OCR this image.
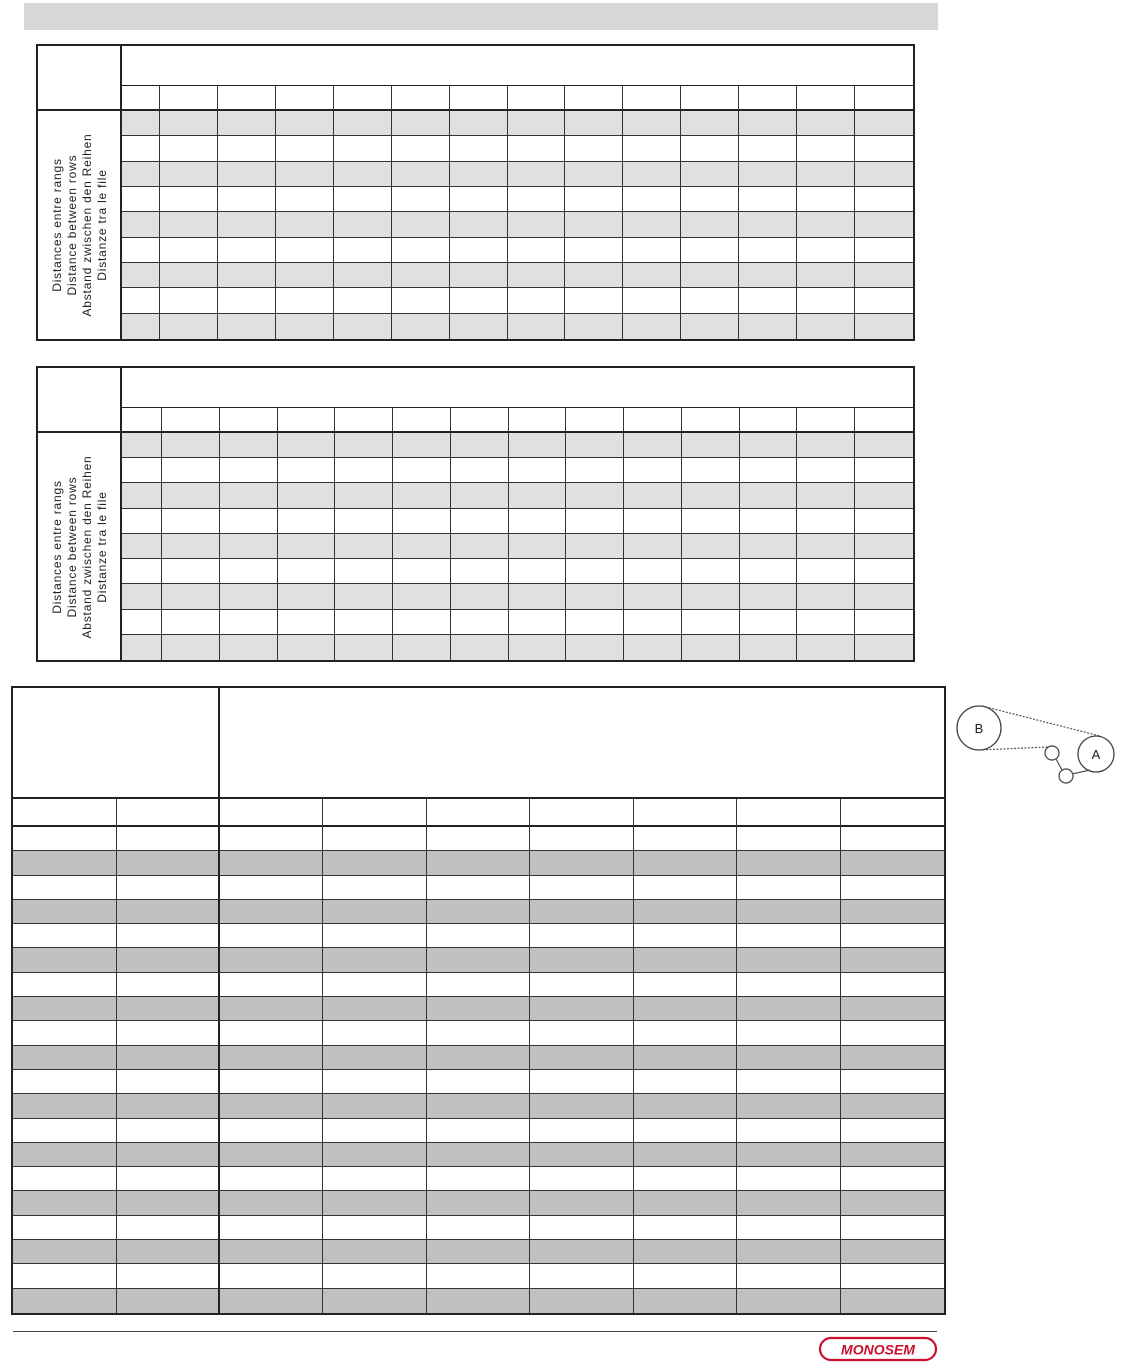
Distances entre rangs Distance between rows Abstand zwischen den Reihen Distanze tra le file
Distances entre rangs Distance between rows Abstand zwischen den Reihen Distanze tra le file
B
A
MONOSEM
